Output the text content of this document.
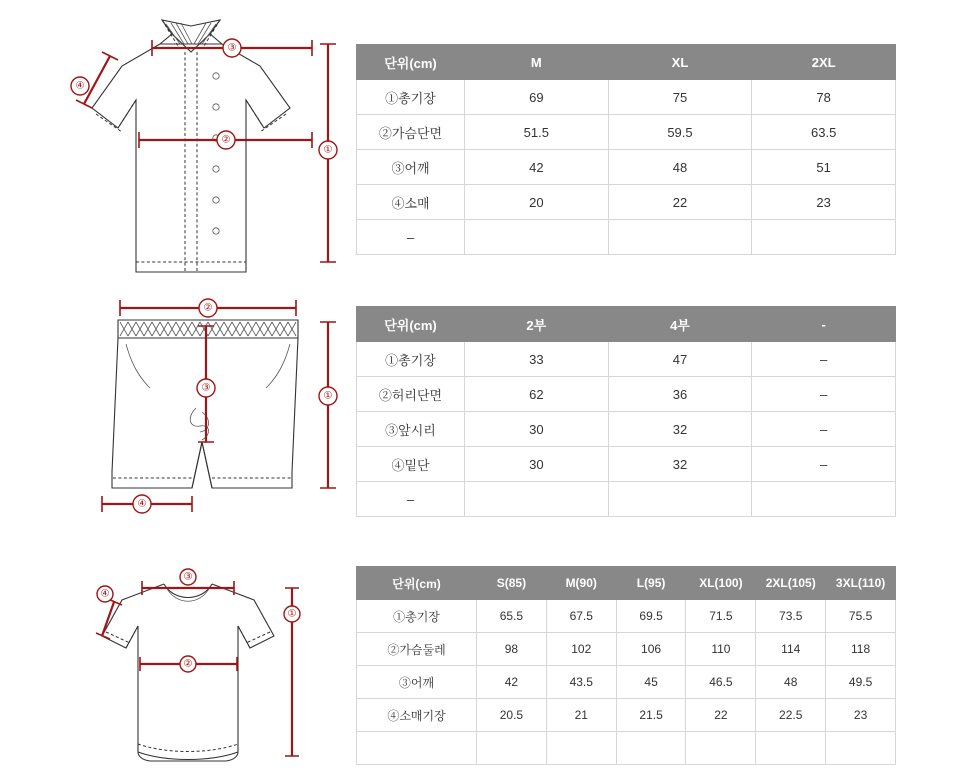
③
②
①
④
단위(cm)	M	XL	2XL
①총기장	69	75	78
②가슴단면	51.5	59.5	63.5
③어깨	42	48	51
④소매	20	22	23
–			
②
③
①
④
단위(cm)	2부	4부	-
①총기장	33	47	–
②허리단면	62	36	–
③앞시리	30	32	–
④밑단	30	32	–
–			
③
②
④
①
단위(cm)	S(85)	M(90)	L(95)	XL(100)	2XL(105)	3XL(110)
①총기장	65.5	67.5	69.5	71.5	73.5	75.5
②가슴둘레	98	102	106	110	114	118
③어깨	42	43.5	45	46.5	48	49.5
④소매기장	20.5	21	21.5	22	22.5	23
